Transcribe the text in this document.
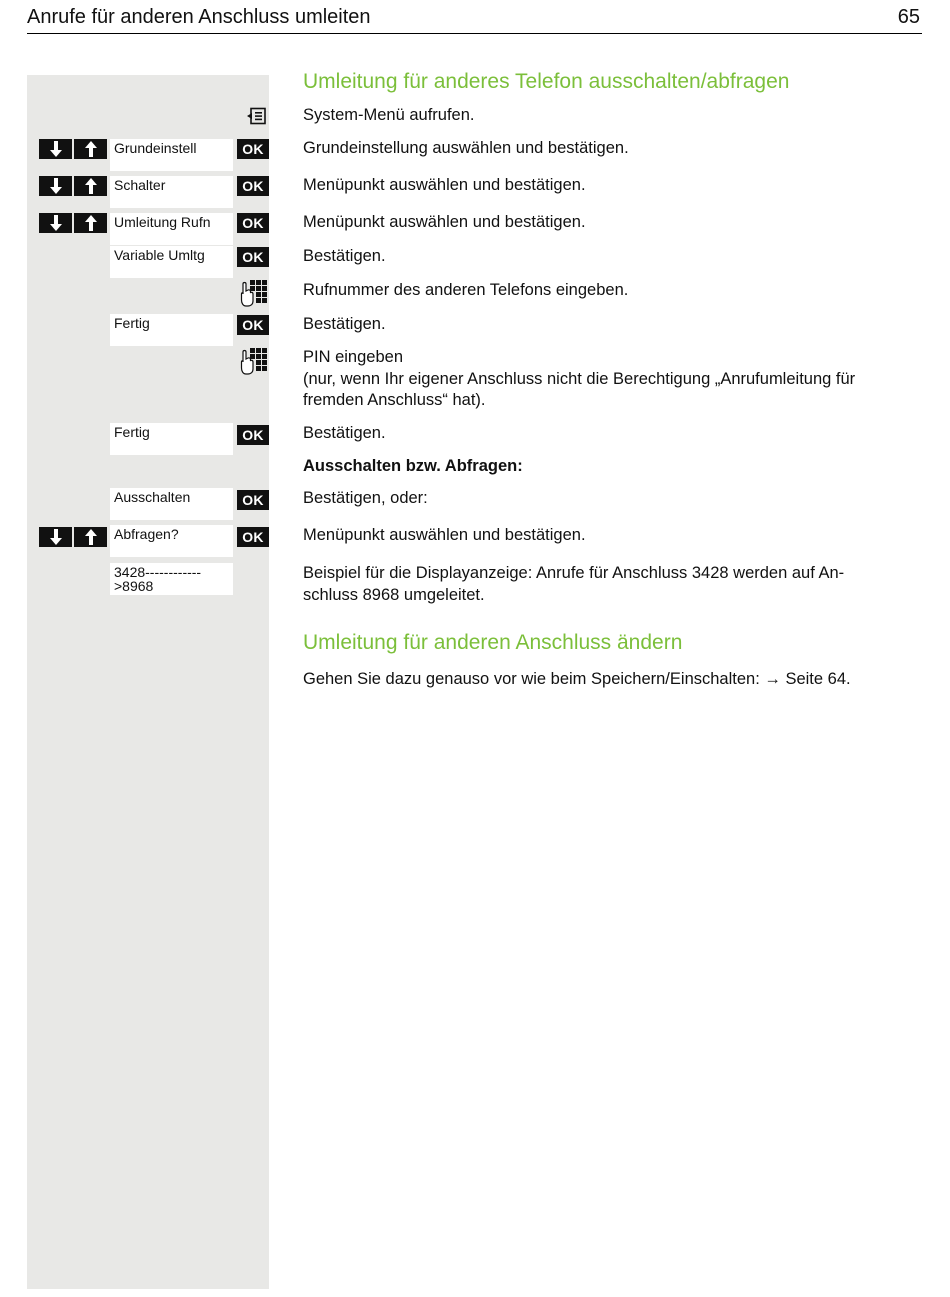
Anrufe für anderen Anschluss umleiten	65
Umleitung für anderes Telefon ausschalten/abfragen
System-Menü aufrufen.
Grundeinstell	OK	Grundeinstellung auswählen und bestätigen.
Schalter	OK	Menüpunkt auswählen und bestätigen.
Umleitung Rufn	OK	Menüpunkt auswählen und bestätigen.
Variable Umltg	OK	Bestätigen.
Rufnummer des anderen Telefons eingeben.
Fertig	OK	Bestätigen.
PIN eingeben
(nur, wenn Ihr eigener Anschluss nicht die Berechtigung „Anrufumleitung für
fremden Anschluss“ hat).
Fertig	OK	Bestätigen.
Ausschalten bzw. Abfragen:
Ausschalten	OK	Bestätigen, oder:
Abfragen?	OK	Menüpunkt auswählen und bestätigen.
3428------------
>8968
Beispiel für die Displayanzeige: Anrufe für Anschluss 3428 werden auf An-
schluss 8968 umgeleitet.
Umleitung für anderen Anschluss ändern
Gehen Sie dazu genauso vor wie beim Speichern/Einschalten: → Seite 64.
